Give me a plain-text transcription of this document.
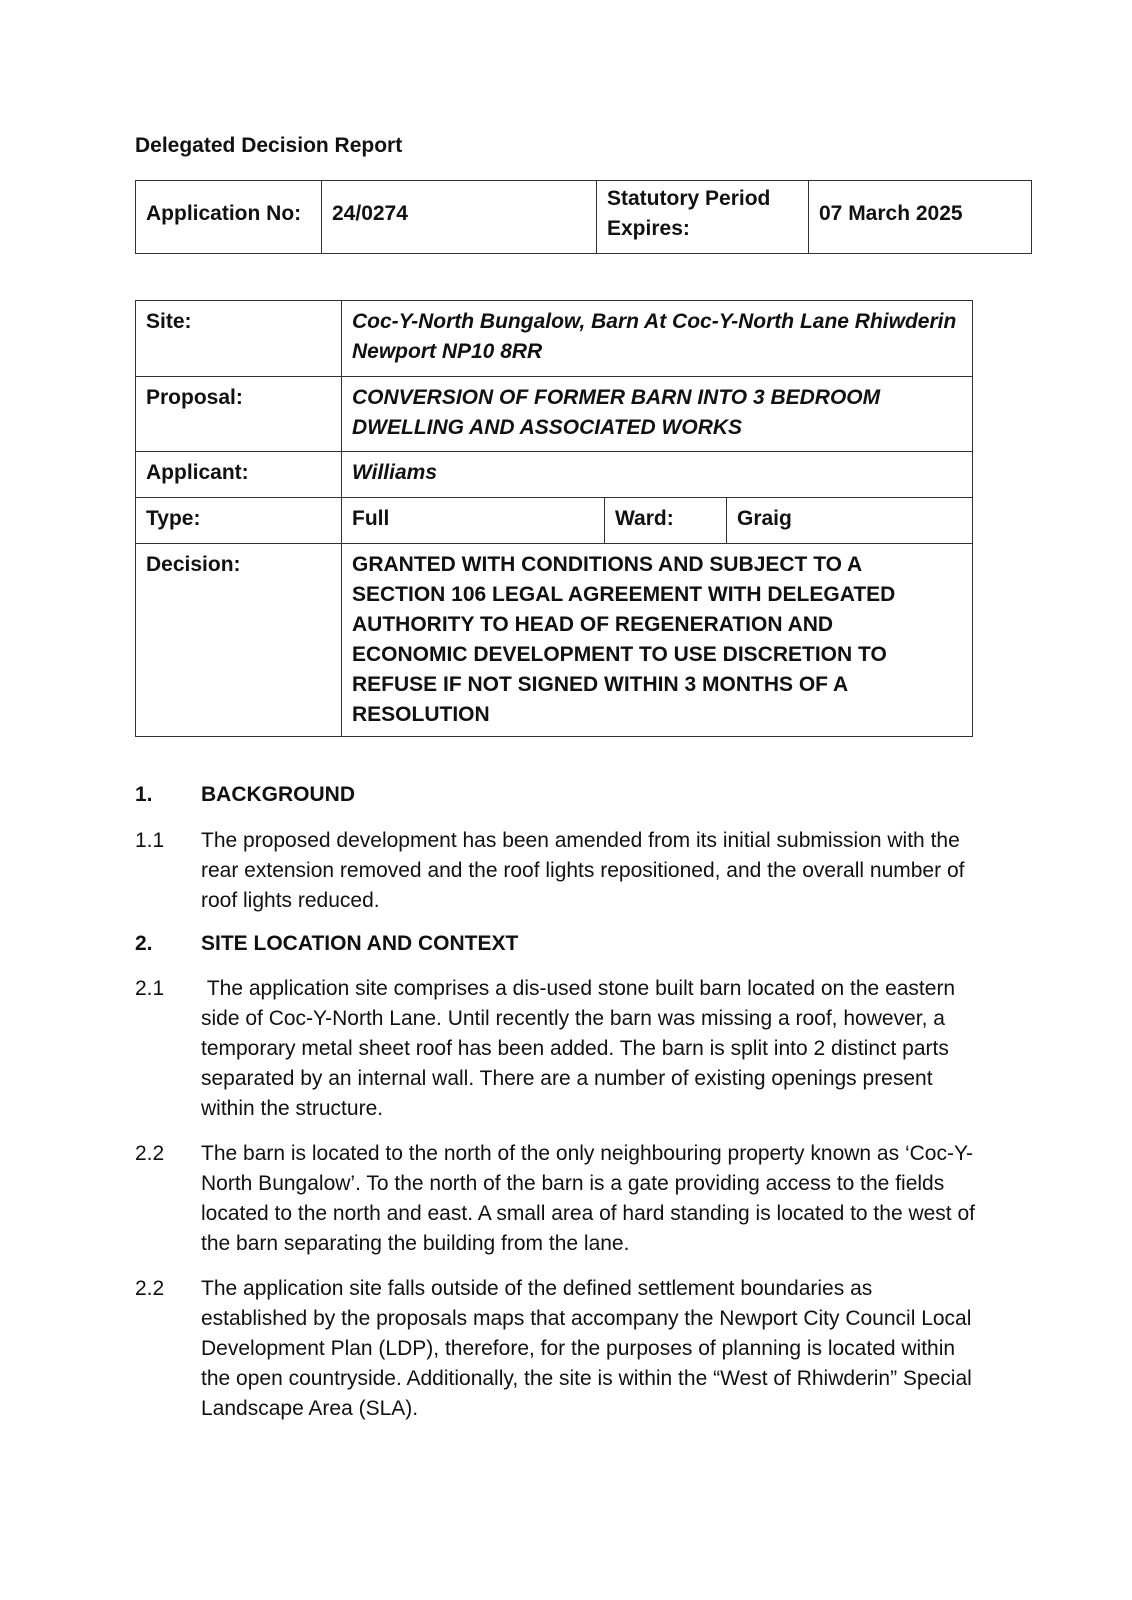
Delegated Decision Report
Application No:	24/0274	Statutory Period Expires:	07 March 2025
Site:	Coc-Y-North Bungalow, Barn At Coc-Y-North Lane Rhiwderin Newport NP10 8RR		
Proposal:	CONVERSION OF FORMER BARN INTO 3 BEDROOM DWELLING AND ASSOCIATED WORKS		
Applicant:	Williams		
Type:	Full	Ward:	Graig
Decision:	GRANTED WITH CONDITIONS AND SUBJECT TO A SECTION 106 LEGAL AGREEMENT WITH DELEGATED AUTHORITY TO HEAD OF REGENERATION AND ECONOMIC DEVELOPMENT TO USE DISCRETION TO REFUSE IF NOT SIGNED WITHIN 3 MONTHS OF A RESOLUTION		
1.	BACKGROUND
1.1	The proposed development has been amended from its initial submission with the rear extension removed and the roof lights repositioned, and the overall number of roof lights reduced.
2.	SITE LOCATION AND CONTEXT
2.1	The application site comprises a dis-used stone built barn located on the eastern side of Coc-Y-North Lane. Until recently the barn was missing a roof, however, a temporary metal sheet roof has been added. The barn is split into 2 distinct parts separated by an internal wall. There are a number of existing openings present within the structure.
2.2	The barn is located to the north of the only neighbouring property known as ‘Coc-Y-North Bungalow’. To the north of the barn is a gate providing access to the fields located to the north and east. A small area of hard standing is located to the west of the barn separating the building from the lane.
2.2	The application site falls outside of the defined settlement boundaries as established by the proposals maps that accompany the Newport City Council Local Development Plan (LDP), therefore, for the purposes of planning is located within the open countryside. Additionally, the site is within the “West of Rhiwderin” Special Landscape Area (SLA).
